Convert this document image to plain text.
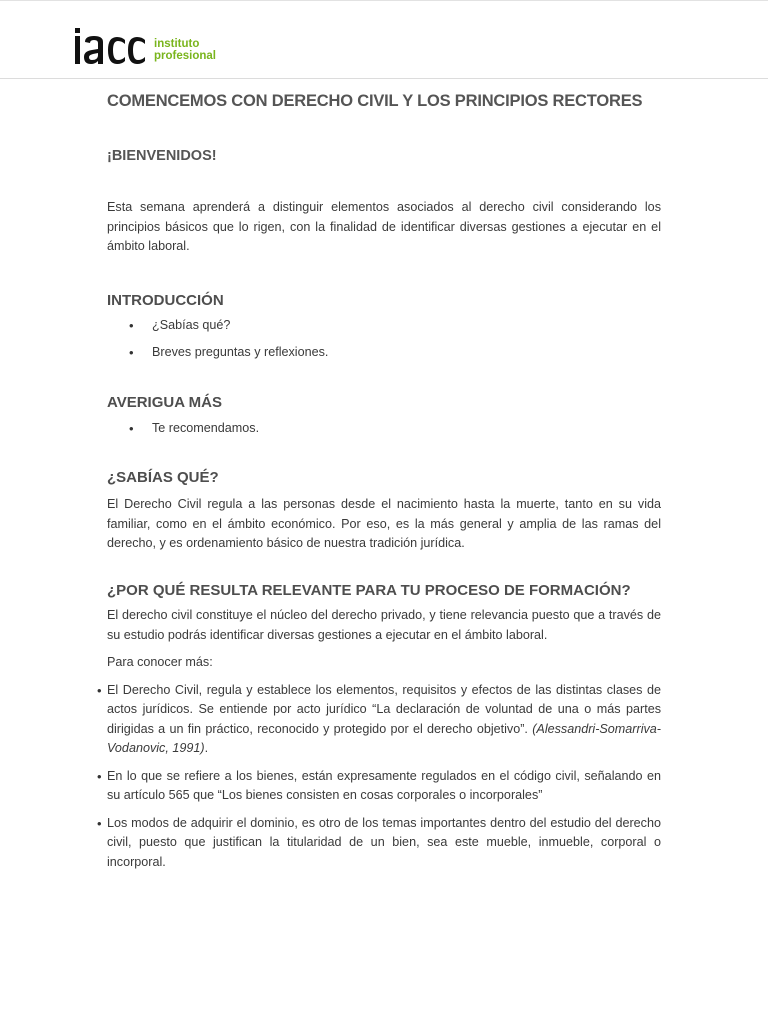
instituto
profesional
COMENCEMOS CON DERECHO CIVIL Y LOS PRINCIPIOS RECTORES
¡BIENVENIDOS!

Esta semana aprenderá a distinguir elementos asociados al derecho civil considerando los principios básicos que lo rigen, con la finalidad de identificar diversas gestiones a ejecutar en el ámbito laboral.

INTRODUCCIÓN
• ¿Sabías qué?
• Breves preguntas y reflexiones.
AVERIGUA MÁS
• Te recomendamos.
¿SABÍAS QUÉ?

El Derecho Civil regula a las personas desde el nacimiento hasta la muerte, tanto en su vida familiar, como en el ámbito económico. Por eso, es la más general y amplia de las ramas del derecho, y es ordenamiento básico de nuestra tradición jurídica.

¿POR QUÉ RESULTA RELEVANTE PARA TU PROCESO DE FORMACIÓN?

El derecho civil constituye el núcleo del derecho privado, y tiene relevancia puesto que a través de su estudio podrás identificar diversas gestiones a ejecutar en el ámbito laboral.

Para conocer más:

• El Derecho Civil, regula y establece los elementos, requisitos y efectos de las distintas clases de actos jurídicos. Se entiende por acto jurídico “La declaración de voluntad de una o más partes dirigidas a un fin práctico, reconocido y protegido por el derecho objetivo”. (Alessandri-Somarriva-Vodanovic, 1991).
• En lo que se refiere a los bienes, están expresamente regulados en el código civil, señalando en su artículo 565 que “Los bienes consisten en cosas corporales o incorporales”
• Los modos de adquirir el dominio, es otro de los temas importantes dentro del estudio del derecho civil, puesto que justifican la titularidad de un bien, sea este mueble, inmueble, corporal o incorporal.
